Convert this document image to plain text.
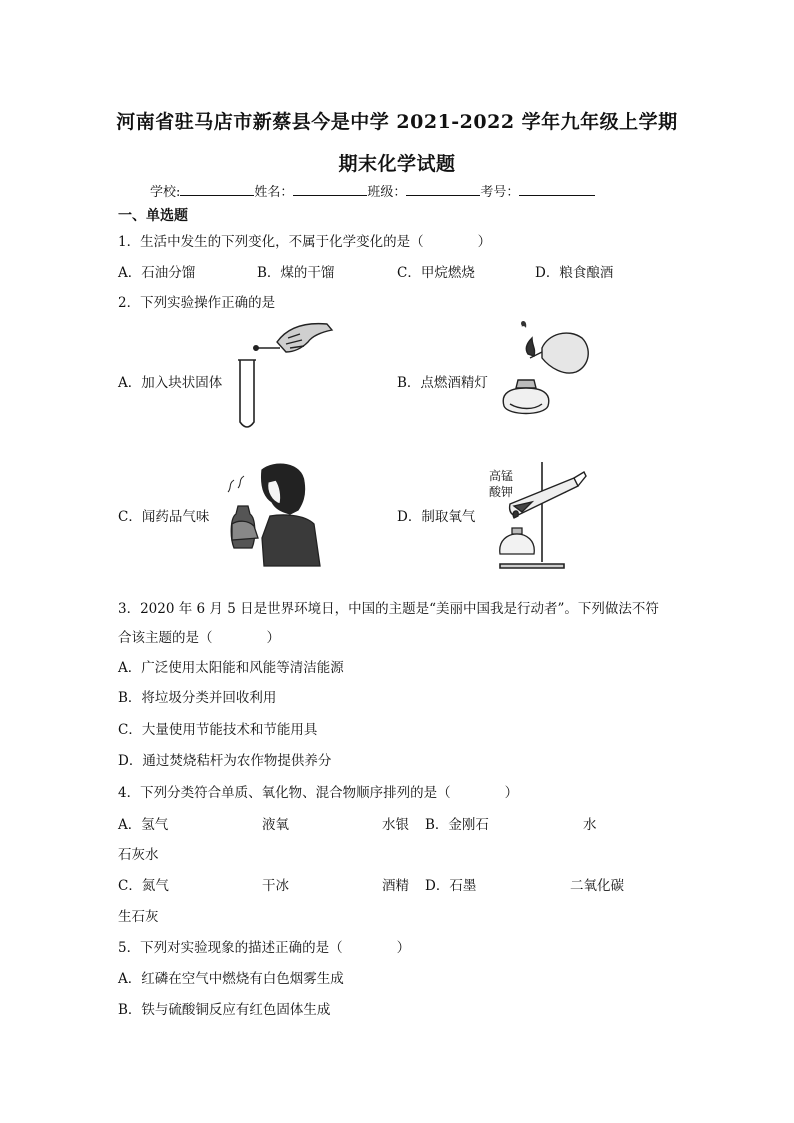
河南省驻马店市新蔡县今是中学 2021-2022 学年九年级上学期
期末化学试题
学校:	姓名：	班级：	考号：
一、单选题
1．生活中发生的下列变化，不属于化学变化的是（　　　　）
A．石油分馏	B．煤的干馏	C．甲烷燃烧	D．粮食酿酒
2．下列实验操作正确的是
A．加入块状固体	B．点燃酒精灯
C．闻药品气味	D．制取氧气
高锰
酸钾
3．2020 年 6 月 5 日是世界环境日，中国的主题是“美丽中国我是行动者”。下列做法不符
合该主题的是（　　　　）
A．广泛使用太阳能和风能等清洁能源
B．将垃圾分类并回收利用
C．大量使用节能技术和节能用具
D．通过焚烧秸杆为农作物提供养分
4．下列分类符合单质、氧化物、混合物顺序排列的是（　　　　）
A．氢气	液氧	水银 B．金刚石	水
石灰水
C．氮气	干冰	酒精 D．石墨	二氧化碳
生石灰
5．下列对实验现象的描述正确的是（　　　　）
A．红磷在空气中燃烧有白色烟雾生成
B．铁与硫酸铜反应有红色固体生成
